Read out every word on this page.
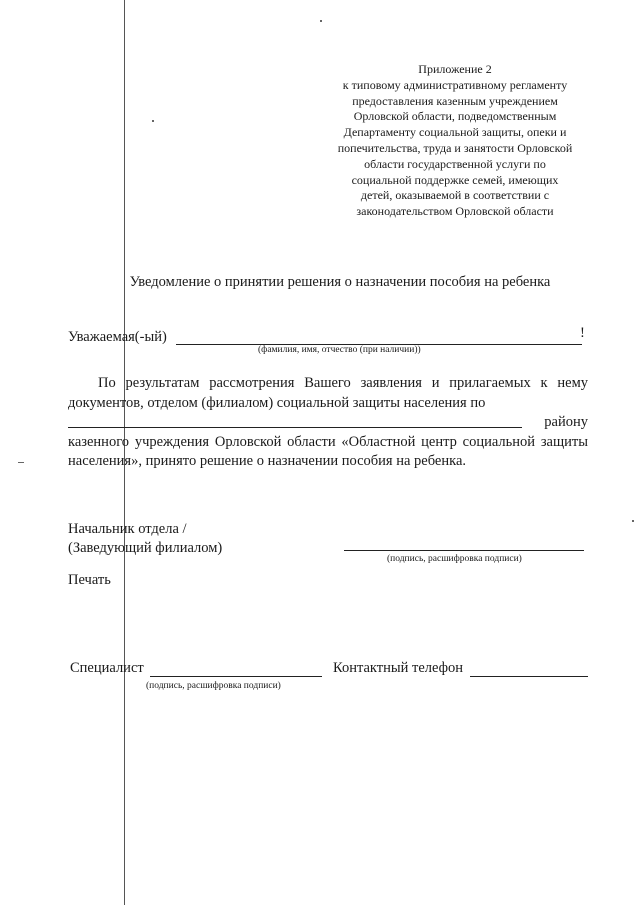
Приложение 2
к типовому административному регламенту
предоставления казенным учреждением
Орловской области, подведомственным
Департаменту социальной защиты, опеки и
попечительства, труда и занятости Орловской
области государственной услуги по
социальной поддержке семей, имеющих
детей, оказываемой в соответствии с
законодательством Орловской области
Уведомление о принятии решения о назначении пособия на ребенка
Уважаемая(-ый)	!
(фамилия, имя, отчество (при наличии))

По результатам рассмотрения Вашего заявления и прилагаемых к нему документов, отделом (филиалом) социальной защиты населения по

району

казенного учреждения Орловской области «Областной центр социальной защиты населения», принято решение о назначении пособия на ребенка.

Начальник отдела /
(Заведующий филиалом)
(подпись, расшифровка подписи)
Печать
Специалист
(подпись, расшифровка подписи)
Контактный телефон
